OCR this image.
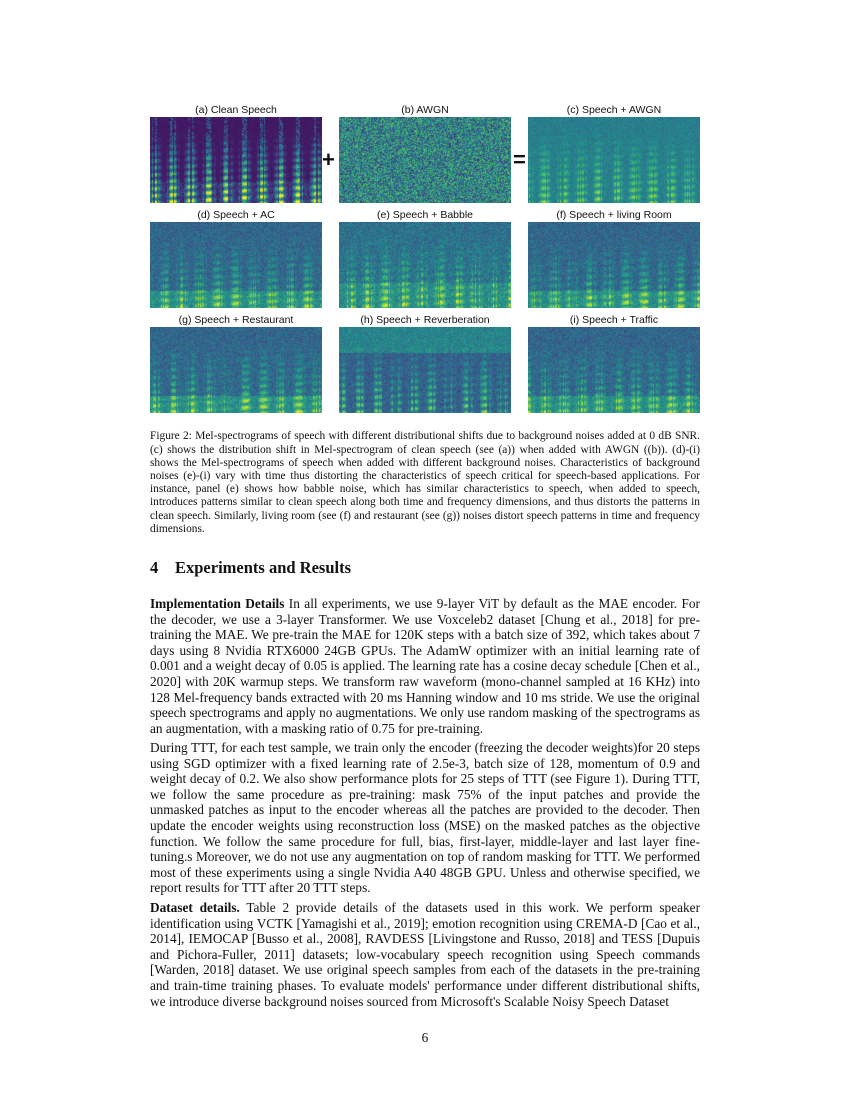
(a) Clean Speech
+
(b) AWGN
=
(c) Speech + AWGN
(d) Speech + AC	(e) Speech + Babble	(f) Speech + living Room
(g) Speech + Restaurant	(h) Speech + Reverberation	(i) Speech + Traffic

Figure 2: Mel-spectrograms of speech with different distributional shifts due to background noises added at 0 dB SNR. (c) shows the distribution shift in Mel-spectrogram of clean speech (see (a)) when added with AWGN ((b)). (d)-(i) shows the Mel-spectrograms of speech when added with different background noises. Characteristics of background noises (e)-(i) vary with time thus distorting the characteristics of speech critical for speech-based applications. For instance, panel (e) shows how babble noise, which has similar characteristics to speech, when added to speech, introduces patterns similar to clean speech along both time and frequency dimensions, and thus distorts the patterns in clean speech. Similarly, living room (see (f) and restaurant (see (g)) noises distort speech patterns in time and frequency dimensions.

4 Experiments and Results

Implementation Details In all experiments, we use 9-layer ViT by default as the MAE encoder. For the decoder, we use a 3-layer Transformer. We use Voxceleb2 dataset [Chung et al., 2018] for pre-training the MAE. We pre-train the MAE for 120K steps with a batch size of 392, which takes about 7 days using 8 Nvidia RTX6000 24GB GPUs. The AdamW optimizer with an initial learning rate of 0.001 and a weight decay of 0.05 is applied. The learning rate has a cosine decay schedule [Chen et al., 2020] with 20K warmup steps. We transform raw waveform (mono-channel sampled at 16 KHz) into 128 Mel-frequency bands extracted with 20 ms Hanning window and 10 ms stride. We use the original speech spectrograms and apply no augmentations. We only use random masking of the spectrograms as an augmentation, with a masking ratio of 0.75 for pre-training.

During TTT, for each test sample, we train only the encoder (freezing the decoder weights)for 20 steps using SGD optimizer with a fixed learning rate of 2.5e-3, batch size of 128, momentum of 0.9 and weight decay of 0.2. We also show performance plots for 25 steps of TTT (see Figure 1). During TTT, we follow the same procedure as pre-training: mask 75% of the input patches and provide the unmasked patches as input to the encoder whereas all the patches are provided to the decoder. Then update the encoder weights using reconstruction loss (MSE) on the masked patches as the objective function. We follow the same procedure for full, bias, first-layer, middle-layer and last layer fine-tuning.s Moreover, we do not use any augmentation on top of random masking for TTT. We performed most of these experiments using a single Nvidia A40 48GB GPU. Unless and otherwise specified, we report results for TTT after 20 TTT steps.

Dataset details. Table 2 provide details of the datasets used in this work. We perform speaker identification using VCTK [Yamagishi et al., 2019]; emotion recognition using CREMA-D [Cao et al., 2014], IEMOCAP [Busso et al., 2008], RAVDESS [Livingstone and Russo, 2018] and TESS [Dupuis and Pichora-Fuller, 2011] datasets; low-vocabulary speech recognition using Speech commands [Warden, 2018] dataset. We use original speech samples from each of the datasets in the pre-training and train-time training phases. To evaluate models' performance under different distributional shifts, we introduce diverse background noises sourced from Microsoft's Scalable Noisy Speech Dataset

6
